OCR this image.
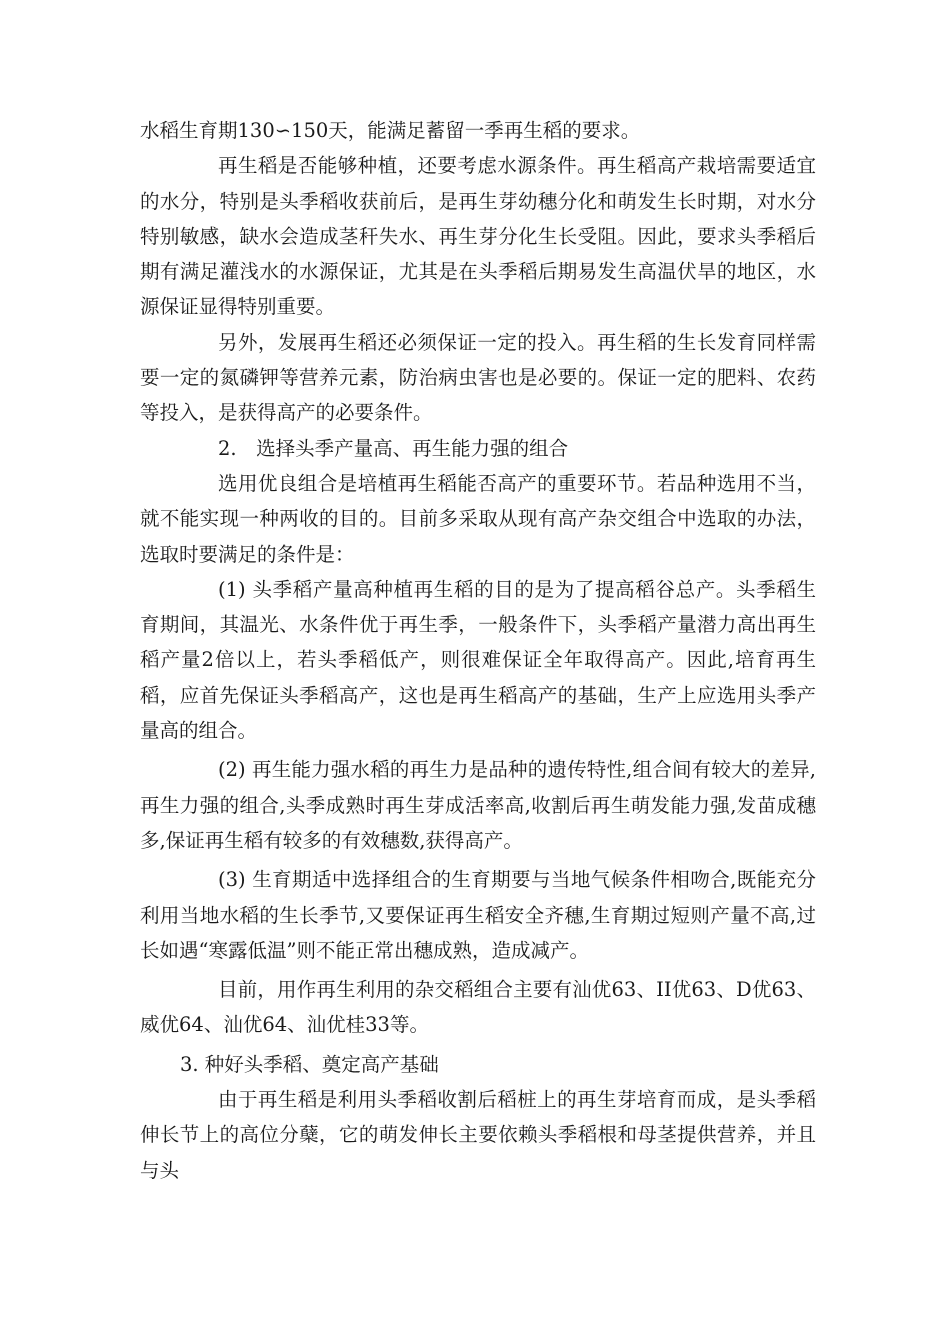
水稻生育期130∽150天，能满足蓄留一季再生稻的要求。

再生稻是否能够种植，还要考虑水源条件。再生稻高产栽培需要适宜的水分，特别是头季稻收获前后，是再生芽幼穗分化和萌发生长时期，对水分特别敏感，缺水会造成茎秆失水、再生芽分化生长受阻。因此，要求头季稻后期有满足灌浅水的水源保证，尤其是在头季稻后期易发生高温伏旱的地区，水源保证显得特别重要。

另外，发展再生稻还必须保证一定的投入。再生稻的生长发育同样需要一定的氮磷钾等营养元素，防治病虫害也是必要的。保证一定的肥料、农药等投入，是获得高产的必要条件。

2.　选择头季产量高、再生能力强的组合

选用优良组合是培植再生稻能否高产的重要环节。若品种选用不当，就不能实现一种两收的目的。目前多采取从现有高产杂交组合中选取的办法，选取时要满足的条件是：

(1) 头季稻产量高种植再生稻的目的是为了提高稻谷总产。头季稻生育期间，其温光、水条件优于再生季，一般条件下，头季稻产量潜力高出再生稻产量2倍以上，若头季稻低产，则很难保证全年取得高产。因此,培育再生稻，应首先保证头季稻高产，这也是再生稻高产的基础，生产上应选用头季产量高的组合。

(2) 再生能力强水稻的再生力是品种的遗传特性,组合间有较大的差异,再生力强的组合,头季成熟时再生芽成活率高,收割后再生萌发能力强,发苗成穗多,保证再生稻有较多的有效穗数,获得高产。

(3) 生育期适中选择组合的生育期要与当地气候条件相吻合,既能充分利用当地水稻的生长季节,又要保证再生稻安全齐穗,生育期过短则产量不高,过长如遇“寒露低温”则不能正常出穗成熟，造成减产。

目前，用作再生利用的杂交稻组合主要有汕优63、II优63、D优63、威优64、汕优64、汕优桂33等。

3. 种好头季稻、奠定高产基础

由于再生稻是利用头季稻收割后稻桩上的再生芽培育而成，是头季稻伸长节上的高位分蘖，它的萌发伸长主要依赖头季稻根和母茎提供营养，并且与头
